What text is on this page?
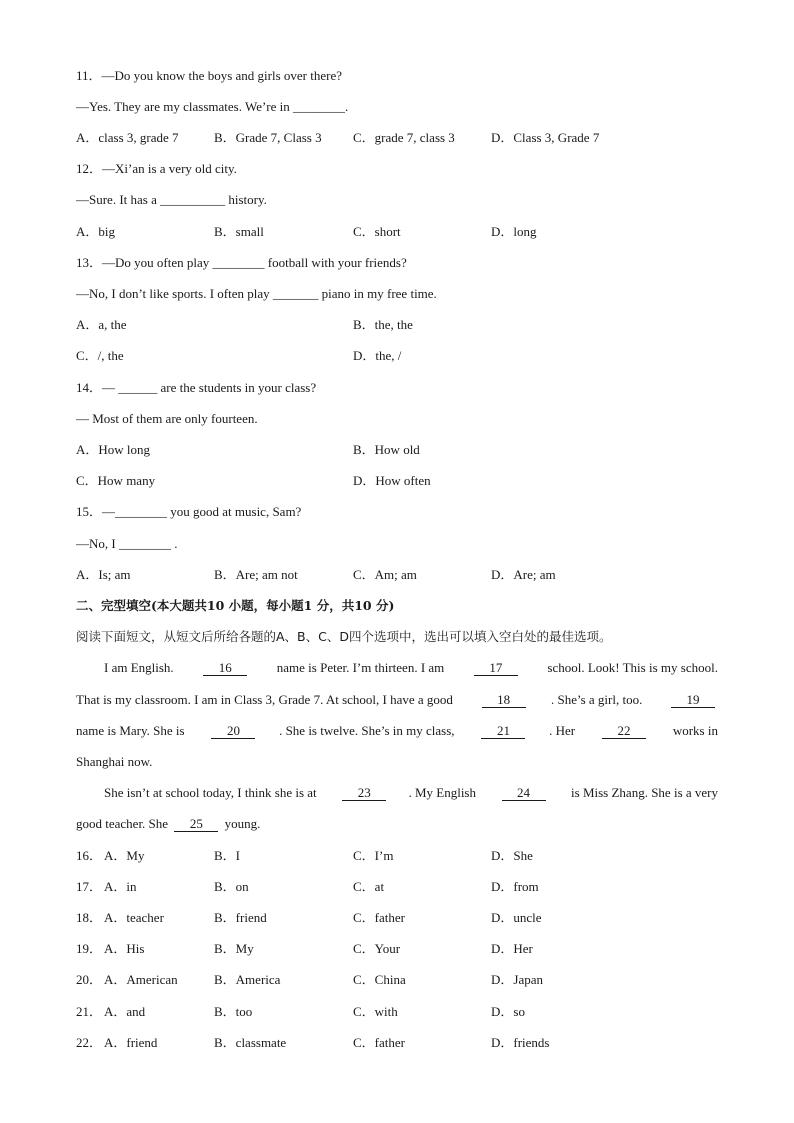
11．—Do you know the boys and girls over there?
—Yes. They are my classmates. We’re in ________.
A．class 3, grade 7	B．Grade 7, Class 3 C．grade 7, class 3	D．Class 3, Grade 7
12．—Xi’an is a very old city.
—Sure. It has a __________ history.
A．big	B．small	C．short	D．long
13．—Do you often play ________ football with your friends?
—No, I don’t like sports. I often play _______ piano in my free time.
A．a, the	B．the, the
C．/, the	D．the, /
14．— ______ are the students in your class?
— Most of them are only fourteen.
A．How long	B．How old
C．How many	D．How often
15．—________ you good at music, Sam?
—No, I ________ .
A．Is; am	B．Are; am not	C．Am; am	D．Are; am
二、完型填空(本大题共10 小题，每小题1 分，共10 分)
阅读下面短文，从短文后所给各题的A、B、C、D四个选项中，选出可以填入空白处的最佳选项。
I am English.	16	name is Peter. I’m thirteen. I am	17	school. Look! This is my school.
That is my classroom. I am in Class 3, Grade 7. At school, I have a good	18	. She’s a girl, too.	19
name is Mary. She is	20	. She is twelve. She’s in my class,	21	. Her	22	works in
Shanghai now.
She isn’t at school today, I think she is at	23	. My English	24	is Miss Zhang. She is a very
good teacher. She 25 young.
16． A．My	B．I	C．I’m	D．She
17． A．in	B．on	C．at	D．from
18． A．teacher	B．friend	C．father	D．uncle
19． A．His	B．My	C．Your	D．Her
20． A．American	B．America	C．China	D．Japan
21． A．and	B．too	C．with	D．so
22． A．friend	B．classmate	C．father	D．friends
